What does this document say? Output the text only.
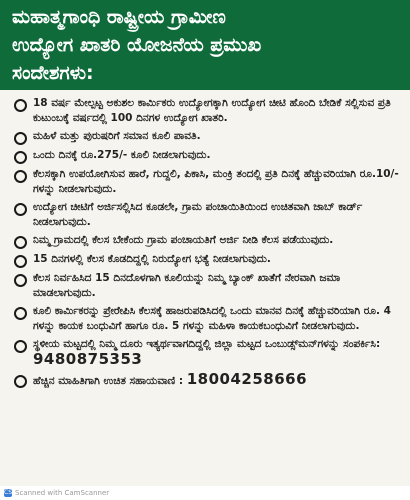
ಮಹಾತ್ಮಗಾಂಧಿ ರಾಷ್ಟ್ರೀಯ ಗ್ರಾಮೀಣ
ಉದ್ಯೋಗ ಖಾತರಿ ಯೋಜನೆಯ ಪ್ರಮುಖ
ಸಂದೇಶಗಳು:
18 ವರ್ಷ ಮೇಲ್ಪಟ್ಟ ಅಕುಶಲ ಕಾರ್ಮಿಕರು ಉದ್ಯೋಗಕ್ಕಾಗಿ ಉದ್ಯೋಗ ಚೀಟಿ ಹೊಂದಿ ಬೇಡಿಕೆ ಸಲ್ಲಿಸುವ ಪ್ರತಿ ಕುಟುಂಬಕ್ಕೆ ವರ್ಷದಲ್ಲಿ 100 ದಿನಗಳ ಉದ್ಯೋಗ ಖಾತರಿ.
ಮಹಿಳೆ ಮತ್ತು ಪುರುಷರಿಗೆ ಸಮಾನ ಕೂಲಿ ಪಾವತಿ.
ಒಂದು ದಿನಕ್ಕೆ ರೂ.275/- ಕೂಲಿ ನೀಡಲಾಗುವುದು.
ಕೆಲಸಕ್ಕಾಗಿ ಉಪಯೋಗಿಸುವ ಹಾರೆ, ಗುದ್ದಲಿ, ಪಿಕಾಸಿ, ಮಂಕ್ರಿ ತಂದಲ್ಲಿ ಪ್ರತಿ ದಿನಕ್ಕೆ ಹೆಚ್ಚುವರಿಯಾಗಿ ರೂ.10/- ಗಳನ್ನು ನೀಡಲಾಗುವುದು.
ಉದ್ಯೋಗ ಚೀಟಿಗೆ ಅರ್ಜಿಸಲ್ಲಿಸಿದ ಕೂಡಲೇ, ಗ್ರಾಮ ಪಂಚಾಯಿತಿಯಿಂದ ಉಚಿತವಾಗಿ ಜಾಬ್ ಕಾರ್ಡ್ ನೀಡಲಾಗುವುದು.
ನಿಮ್ಮ ಗ್ರಾಮದಲ್ಲಿ ಕೆಲಸ ಬೇಕೆಂದು ಗ್ರಾಮ ಪಂಚಾಯತಿಗೆ ಅರ್ಜಿ ನೀಡಿ ಕೆಲಸ ಪಡೆಯುವುದು.
15 ದಿನಗಳಲ್ಲಿ ಕೆಲಸ ಕೊಡದಿದ್ದಲ್ಲಿ ನಿರುದ್ಯೋಗ ಭತ್ಯೆ ನೀಡಲಾಗುವುದು.
ಕೆಲಸ ನಿರ್ವಹಿಸಿದ 15 ದಿನದೊಳಗಾಗಿ ಕೂಲಿಯನ್ನು ನಿಮ್ಮ ಬ್ಯಾಂಕ್ ಖಾತೆಗೆ ನೇರವಾಗಿ ಜಮಾ ಮಾಡಲಾಗುವುದು.
ಕೂಲಿ ಕಾರ್ಮಿಕರನ್ನು ಪ್ರೇರೇಪಿಸಿ ಕೆಲಸಕ್ಕೆ ಹಾಜರುಪಡಿಸಿದಲ್ಲಿ ಒಂದು ಮಾನವ ದಿನಕ್ಕೆ ಹೆಚ್ಚುವರಿಯಾಗಿ ರೂ. 4 ಗಳನ್ನು ಕಾಯಕ ಬಂಧುವಿಗೆ ಹಾಗೂ ರೂ. 5 ಗಳನ್ನು ಮಹಿಳಾ ಕಾಯಕಬಂಧುವಿಗೆ ನೀಡಲಾಗುವುದು.
ಸ್ಥಳೀಯ ಮಟ್ಟದಲ್ಲಿ ನಿಮ್ಮ ದೂರು ಇತ್ಯರ್ಥವಾಗದಿದ್ದಲ್ಲಿ ಜಿಲ್ಲಾ ಮಟ್ಟದ ಒಂಬುಡ್ಸ್‌ಮನ್‌ಗಳನ್ನು ಸಂಪರ್ಕಿಸಿ: 9480875353
ಹೆಚ್ಚಿನ ಮಾಹಿತಿಗಾಗಿ ಉಚಿತ ಸಹಾಯವಾಣಿ : 18004258666
CS Scanned with CamScanner
